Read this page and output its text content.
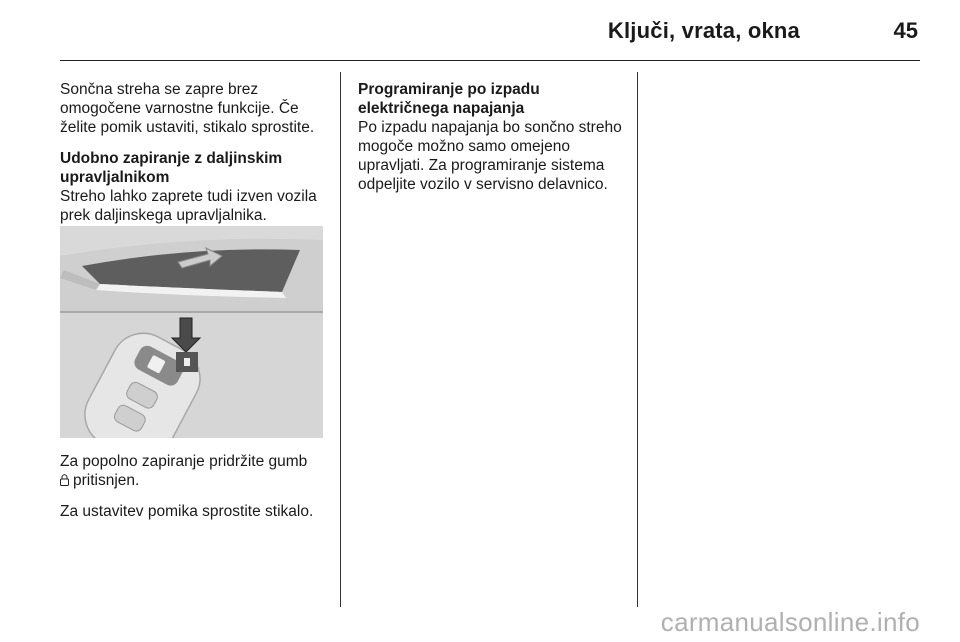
Ključi, vrata, okna	45

Sončna streha se zapre brez omogočene varnostne funkcije. Če želite pomik ustaviti, stikalo sprostite.

Udobno zapiranje z daljinskim upravljalnikom

Streho lahko zaprete tudi izven vozila prek daljinskega upravljalnika.

Za popolno zapiranje pridržite gumb
pritisnjen.

Za ustavitev pomika sprostite stikalo.

Programiranje po izpadu električnega napajanja

Po izpadu napajanja bo sončno streho mogoče možno samo omejeno upravljati. Za programiranje sistema odpeljite vozilo v servisno delavnico.

carmanualsonline.info
